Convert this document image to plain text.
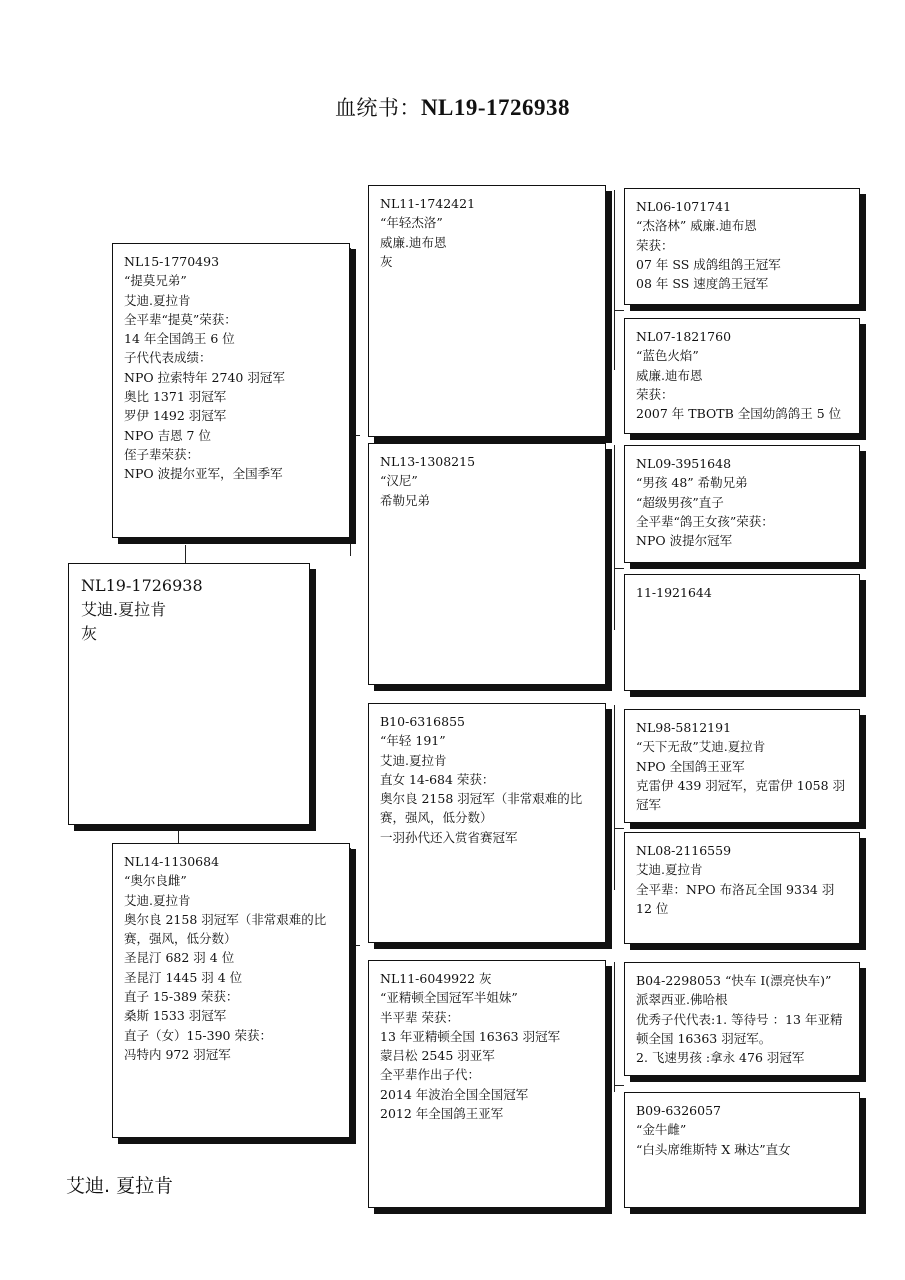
血统书：NL19-1726938
NL19-1726938
艾迪.夏拉肯
灰
NL15-1770493
“提莫兄弟”
艾迪.夏拉肯
全平辈“提莫”荣获：
14 年全国鸽王 6 位
子代代表成绩：
NPO 拉索特年 2740 羽冠军
奥比 1371 羽冠军
罗伊 1492 羽冠军
NPO 吉恩 7 位
侄子辈荣获：
NPO 波提尔亚军，全国季军
NL14-1130684
“奥尔良雌”
艾迪.夏拉肯
奥尔良 2158 羽冠军（非常艰难的比赛，强风，低分数）
圣昆汀 682 羽 4 位
圣昆汀 1445 羽 4 位
直子 15-389 荣获：
桑斯 1533 羽冠军
直子（女）15-390 荣获：
冯特内 972 羽冠军
NL11-1742421
“年轻杰洛”
威廉.迪布恩
灰
NL13-1308215
“汉尼”
希勒兄弟
B10-6316855
“年轻 191”
艾迪.夏拉肯
直女 14-684 荣获：
奥尔良 2158 羽冠军（非常艰难的比赛，强风，低分数）
一羽孙代还入赏省赛冠军
NL11-6049922 灰
“亚精顿全国冠军半姐妹”
半平辈 荣获：
13 年亚精顿全国 16363 羽冠军
蒙吕松 2545 羽亚军
全平辈作出子代：
2014 年波治全国全国冠军
2012 年全国鸽王亚军
NL06-1071741
“杰洛林” 威廉.迪布恩
荣获：
07 年 SS 成鸽组鸽王冠军
08 年 SS 速度鸽王冠军
NL07-1821760
“蓝色火焰”
威廉.迪布恩
荣获：
2007 年 TBOTB 全国幼鸽鸽王 5 位
NL09-3951648
“男孩 48” 希勒兄弟
“超级男孩”直子
全平辈“鸽王女孩”荣获：
NPO 波提尔冠军
11-1921644
NL98-5812191
“天下无敌”艾迪.夏拉肯
NPO 全国鸽王亚军
克雷伊 439 羽冠军，克雷伊 1058 羽冠军
NL08-2116559
艾迪.夏拉肯
全平辈：NPO 布洛瓦全国 9334 羽 12 位
B04-2298053 “快车 I(漂亮快车)”
派翠西亚.佛哈根
优秀子代代表:1. 等待号 ：13 年亚精顿全国 16363 羽冠军。
2. 飞速男孩 :拿永 476 羽冠军
B09-6326057
“金牛雌”
“白头席维斯特 X 琳达”直女
艾迪. 夏拉肯
